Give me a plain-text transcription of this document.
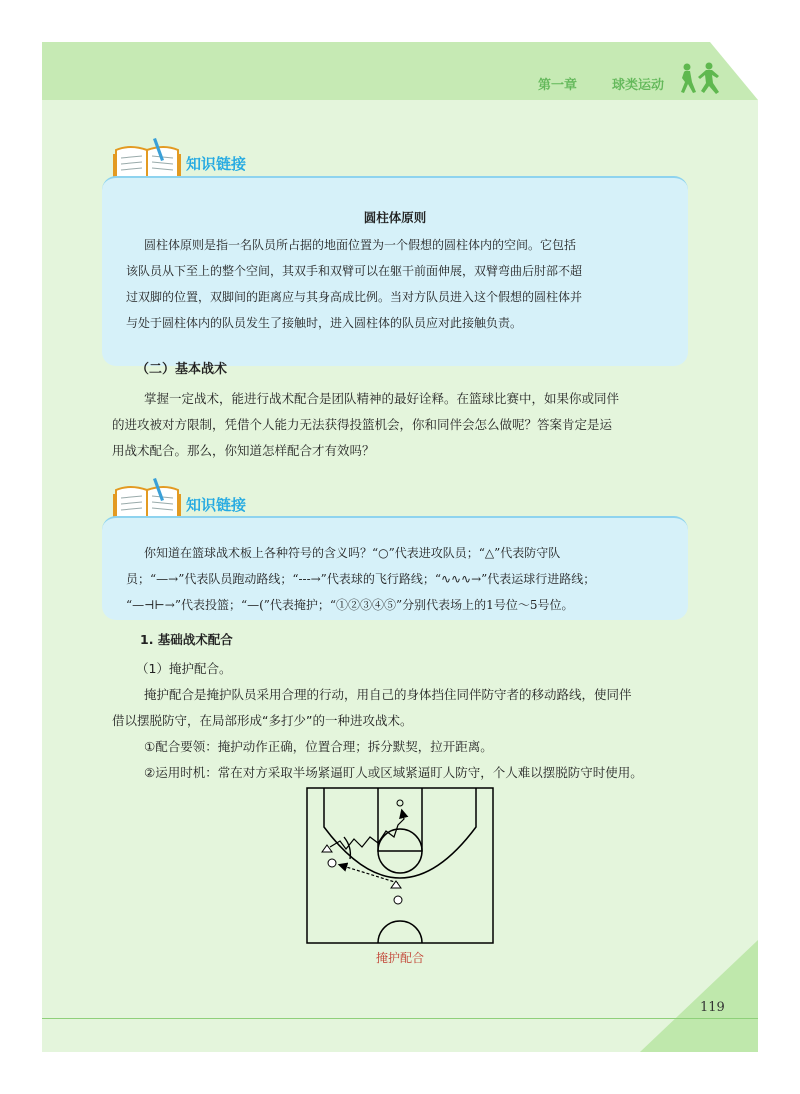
第一章	球类运动
知识链接
圆柱体原则
圆柱体原则是指一名队员所占据的地面位置为一个假想的圆柱体内的空间。它包括
该队员从下至上的整个空间，其双手和双臂可以在躯干前面伸展，双臂弯曲后肘部不超
过双脚的位置，双脚间的距离应与其身高成比例。当对方队员进入这个假想的圆柱体并
与处于圆柱体内的队员发生了接触时，进入圆柱体的队员应对此接触负责。
（二）基本战术
掌握一定战术，能进行战术配合是团队精神的最好诠释。在篮球比赛中，如果你或同伴
的进攻被对方限制，凭借个人能力无法获得投篮机会，你和同伴会怎么做呢？答案肯定是运
用战术配合。那么，你知道怎样配合才有效吗？
知识链接
你知道在篮球战术板上各种符号的含义吗？“○”代表进攻队员；“△”代表防守队
员；“—→”代表队员跑动路线；“---→”代表球的飞行路线；“∿∿∿→”代表运球行进路线；
“—⊣⊢→”代表投篮；“—(”代表掩护；“①②③④⑤”分别代表场上的1号位～5号位。
1. 基础战术配合
（1）掩护配合。
掩护配合是掩护队员采用合理的行动，用自己的身体挡住同伴防守者的移动路线，使同伴
借以摆脱防守，在局部形成“多打少”的一种进攻战术。
①配合要领：掩护动作正确，位置合理；拆分默契，拉开距离。
②运用时机：常在对方采取半场紧逼盯人或区域紧逼盯人防守，个人难以摆脱防守时使用。
掩护配合
119
